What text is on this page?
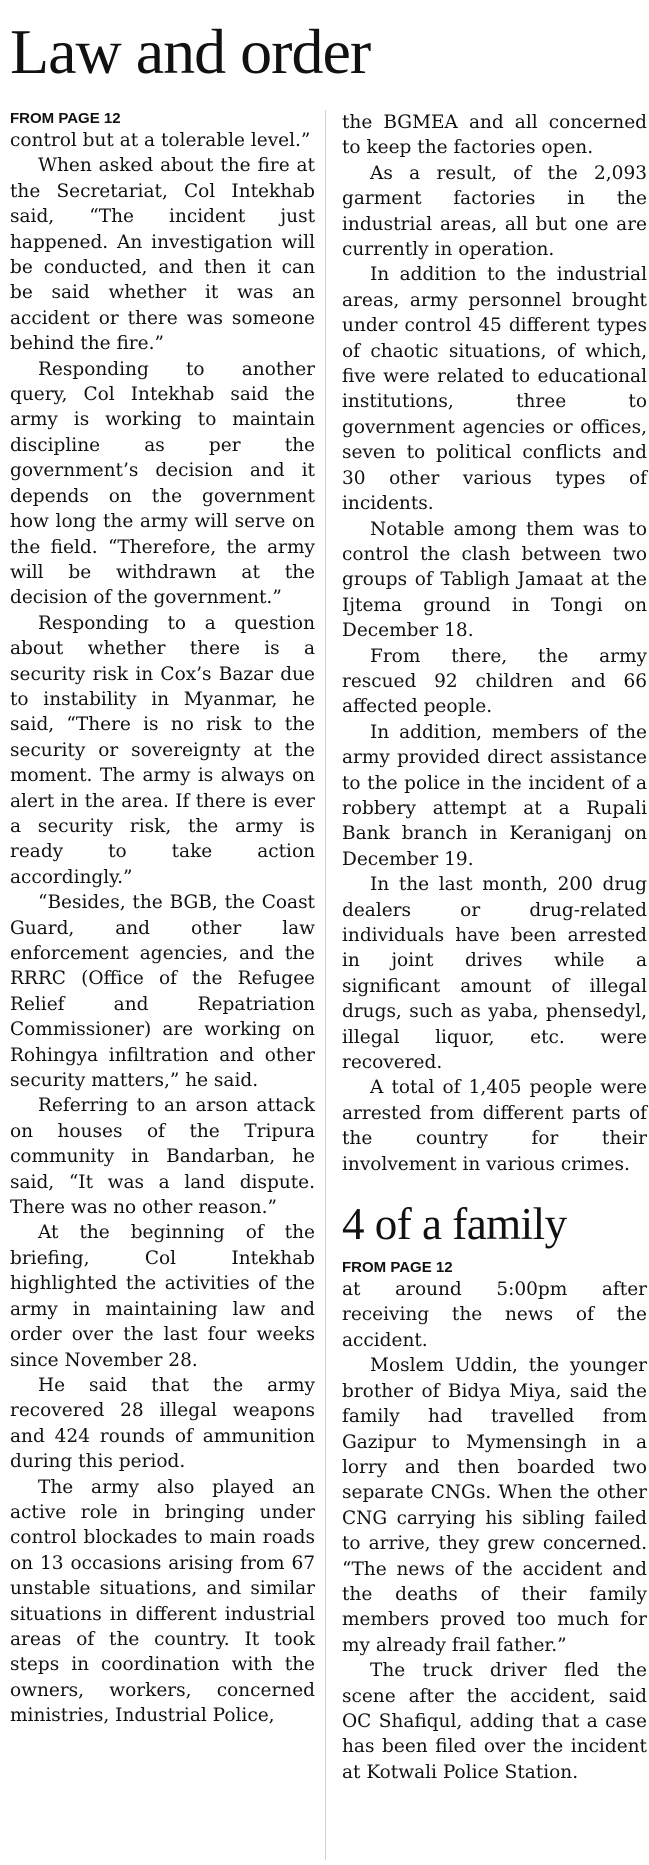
Law and order
FROM PAGE 12

control but at a tolerable level.”

When asked about the fire at the Secretariat, Col Intekhab said, “The incident just happened. An investigation will be conducted, and then it can be said whether it was an accident or there was someone behind the fire.”

Responding to another query, Col Intekhab said the army is working to maintain discipline as per the government’s decision and it depends on the government how long the army will serve on the field. “Therefore, the army will be withdrawn at the decision of the government.”

Responding to a question about whether there is a security risk in Cox’s Bazar due to instability in Myanmar, he said, “There is no risk to the security or sovereignty at the moment. The army is always on alert in the area. If there is ever a security risk, the army is ready to take action accordingly.”

“Besides, the BGB, the Coast Guard, and other law enforcement agencies, and the RRRC (Office of the Refugee Relief and Repatriation Commissioner) are working on Rohingya infiltration and other security matters,” he said.

Referring to an arson attack on houses of the Tripura community in Bandarban, he said, “It was a land dispute. There was no other reason.”

At the beginning of the briefing, Col Intekhab highlighted the activities of the army in maintaining law and order over the last four weeks since November 28.

He said that the army recovered 28 illegal weapons and 424 rounds of ammunition during this period.

The army also played an active role in bringing under control blockades to main roads on 13 occasions arising from 67 unstable situations, and similar situations in different industrial areas of the country. It took steps in coordination with the owners, workers, concerned ministries, Industrial Police,

the BGMEA and all concerned to keep the factories open.

As a result, of the 2,093 garment factories in the industrial areas, all but one are currently in operation.

In addition to the industrial areas, army personnel brought under control 45 different types of chaotic situations, of which, five were related to educational institutions, three to government agencies or offices, seven to political conflicts and 30 other various types of incidents.

Notable among them was to control the clash between two groups of Tabligh Jamaat at the Ijtema ground in Tongi on December 18.

From there, the army rescued 92 children and 66 affected people.

In addition, members of the army provided direct assistance to the police in the incident of a robbery attempt at a Rupali Bank branch in Keraniganj on December 19.

In the last month, 200 drug dealers or drug-related individuals have been arrested in joint drives while a significant amount of illegal drugs, such as yaba, phensedyl, illegal liquor, etc. were recovered.

A total of 1,405 people were arrested from different parts of the country for their involvement in various crimes.

4 of a family
FROM PAGE 12

at around 5:00pm after receiving the news of the accident.

Moslem Uddin, the younger brother of Bidya Miya, said the family had travelled from Gazipur to Mymensingh in a lorry and then boarded two separate CNGs. When the other CNG carrying his sibling failed to arrive, they grew concerned. “The news of the accident and the deaths of their family members proved too much for my already frail father.”

The truck driver fled the scene after the accident, said OC Shafiqul, adding that a case has been filed over the incident at Kotwali Police Station.
